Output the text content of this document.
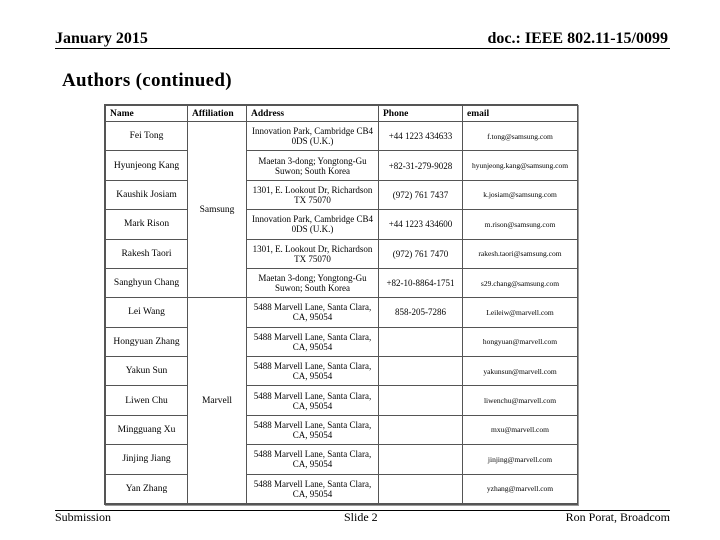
January 2015	doc.: IEEE 802.11-15/0099
Authors (continued)
Name	Affiliation	Address	Phone	email
Fei Tong	Samsung	Innovation Park, Cambridge CB4 0DS (U.K.)	+44 1223 434633	f.tong@samsung.com
Hyunjeong Kang		Maetan 3-dong; Yongtong-Gu Suwon; South Korea	+82-31-279-9028	hyunjeong.kang@samsung.com
Kaushik Josiam		1301, E. Lookout Dr, Richardson TX 75070	(972) 761 7437	k.josiam@samsung.com
Mark Rison		Innovation Park, Cambridge CB4 0DS (U.K.)	+44 1223 434600	m.rison@samsung.com
Rakesh Taori		1301, E. Lookout Dr, Richardson TX 75070	(972) 761 7470	rakesh.taori@samsung.com
Sanghyun Chang		Maetan 3-dong; Yongtong-Gu Suwon; South Korea	+82-10-8864-1751	s29.chang@samsung.com
Lei Wang	Marvell	5488 Marvell Lane, Santa Clara, CA, 95054	858-205-7286	Leileiw@marvell.com
Hongyuan Zhang		5488 Marvell Lane, Santa Clara, CA, 95054		hongyuan@marvell.com
Yakun Sun		5488 Marvell Lane, Santa Clara, CA, 95054		yakunsun@marvell.com
Liwen Chu		5488 Marvell Lane, Santa Clara, CA, 95054		liwenchu@marvell.com
Mingguang Xu		5488 Marvell Lane, Santa Clara, CA, 95054		mxu@marvell.com
Jinjing Jiang		5488 Marvell Lane, Santa Clara, CA, 95054		jinjing@marvell.com
Yan Zhang		5488 Marvell Lane, Santa Clara, CA, 95054		yzhang@marvell.com
Submission	Slide 2	Ron Porat, Broadcom
